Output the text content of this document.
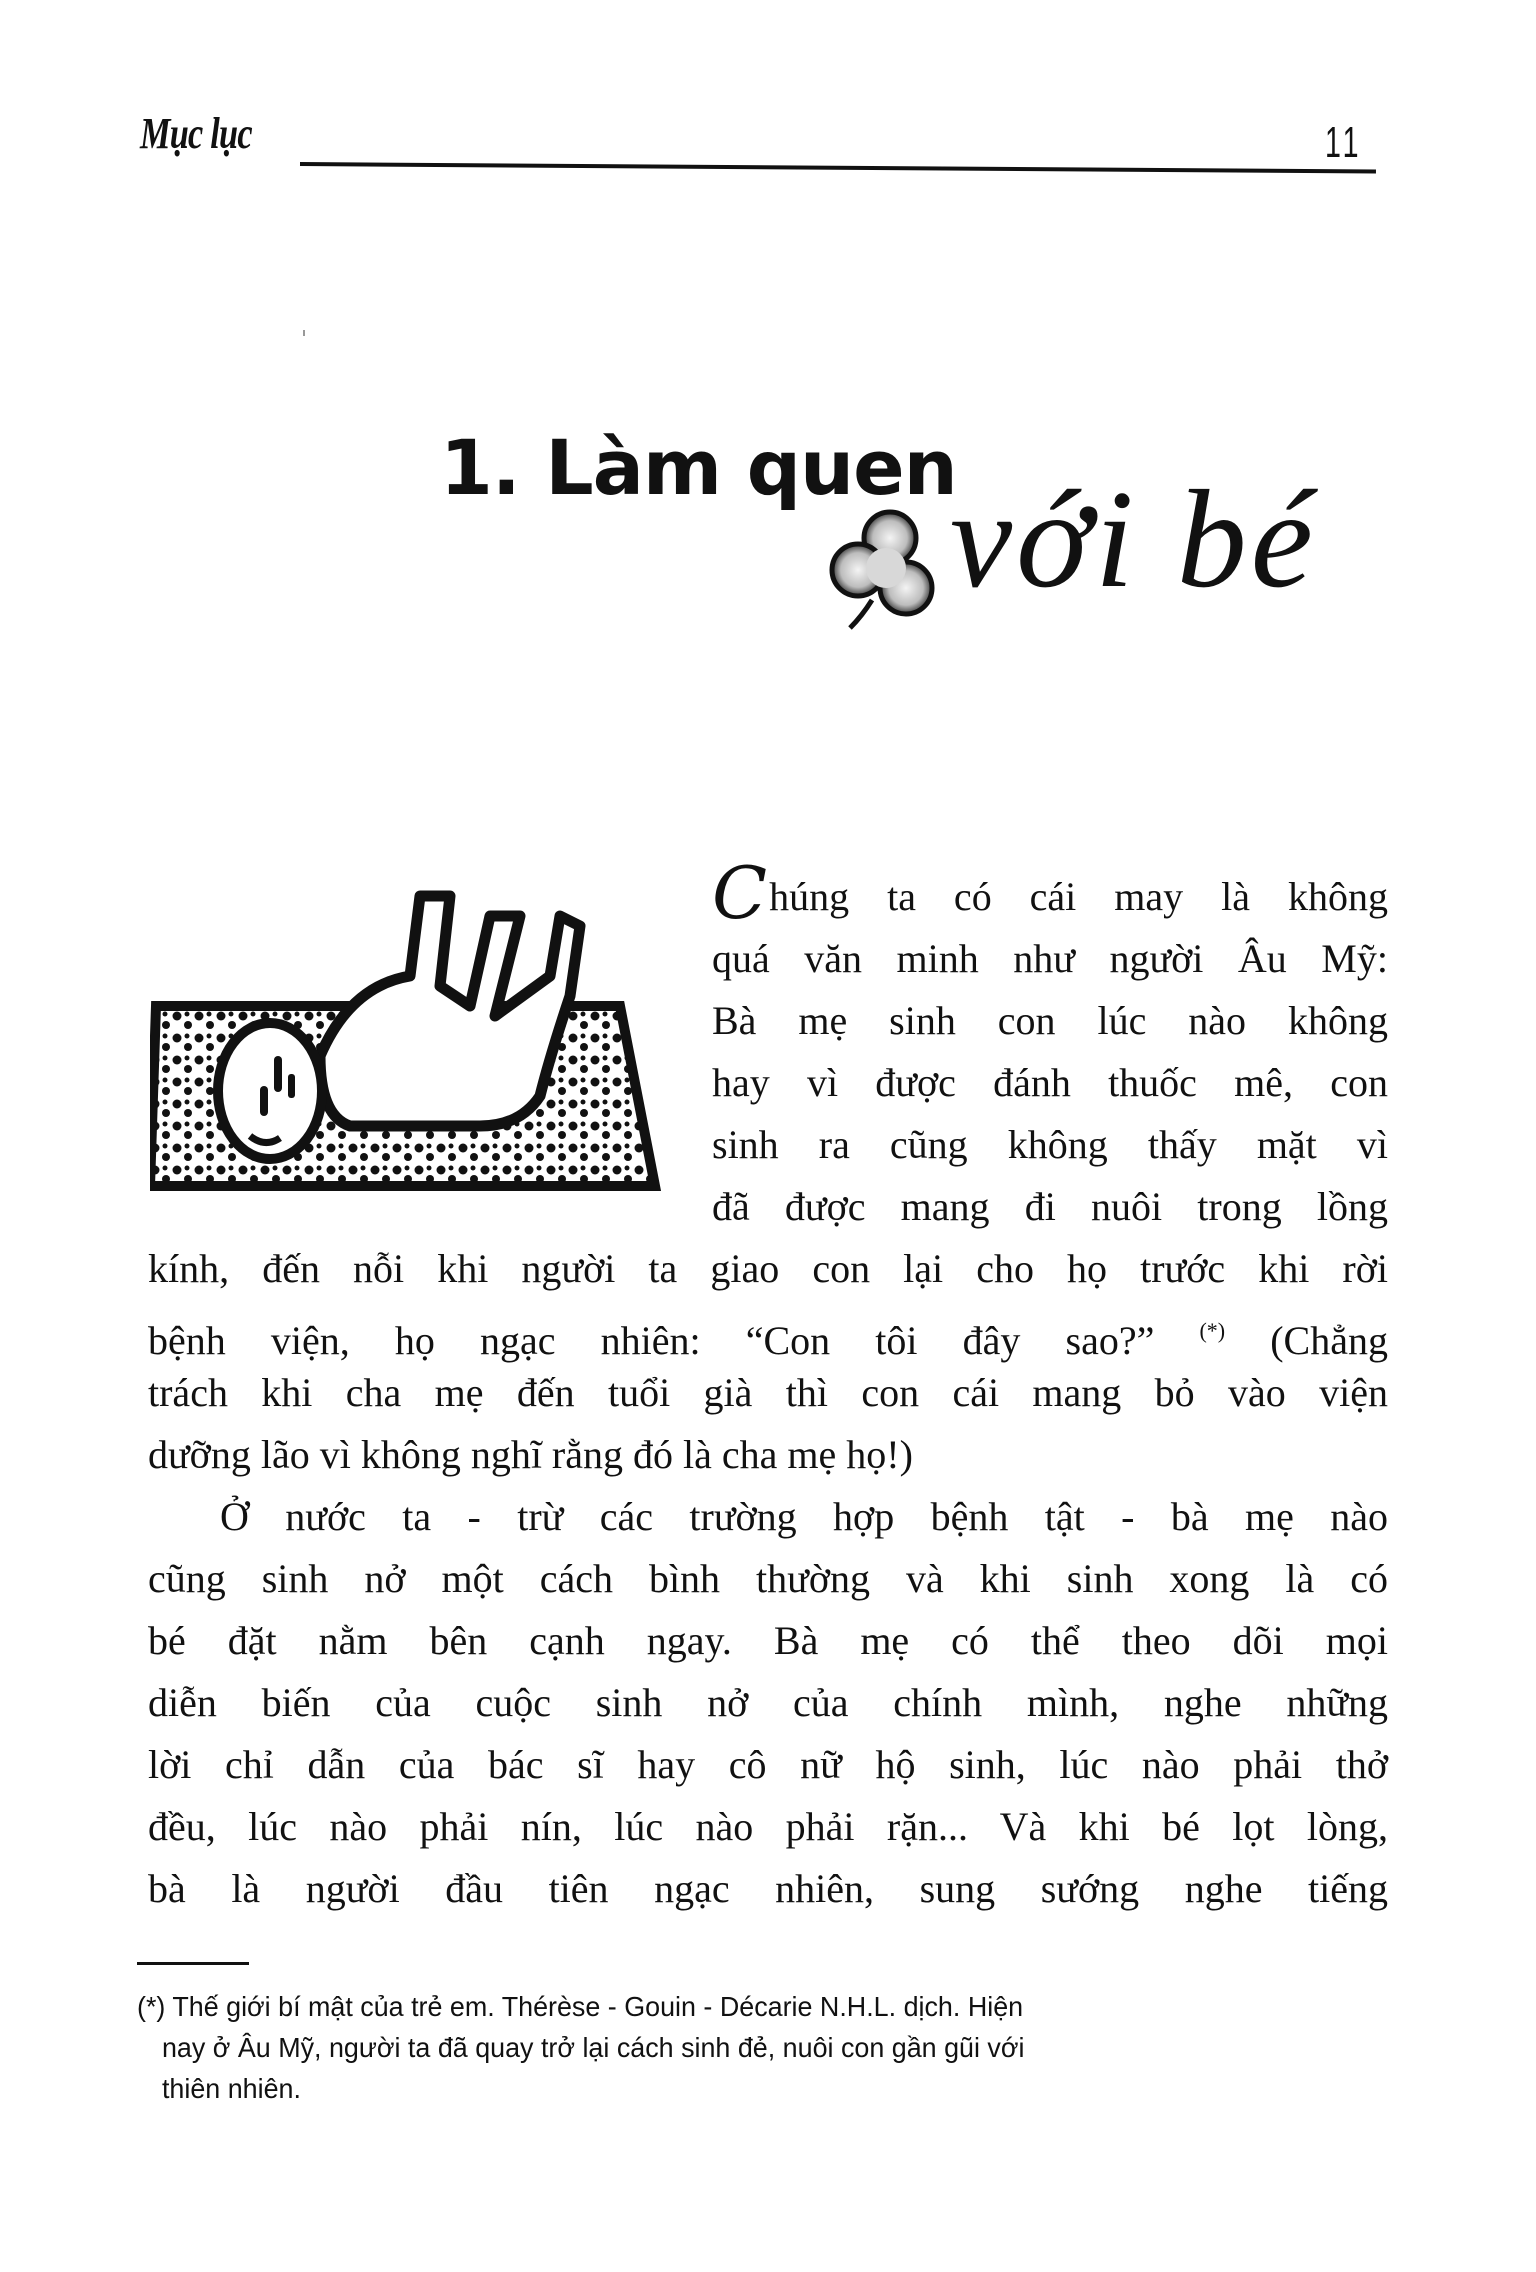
Mục lục	11
1. Làm quen
với bé
Chúng ta có cái may là không
quá văn minh như người Âu Mỹ:
Bà mẹ sinh con lúc nào không
hay vì được đánh thuốc mê, con
sinh ra cũng không thấy mặt vì
đã được mang đi nuôi trong lồng
kính, đến nỗi khi người ta giao con lại cho họ trước khi rời
bệnh viện, họ ngạc nhiên: “Con tôi đây sao?” (*) (Chẳng
trách khi cha mẹ đến tuổi già thì con cái mang bỏ vào viện
dưỡng lão vì không nghĩ rằng đó là cha mẹ họ!)
Ở nước ta - trừ các trường hợp bệnh tật - bà mẹ nào
cũng sinh nở một cách bình thường và khi sinh xong là có
bé đặt nằm bên cạnh ngay. Bà mẹ có thể theo dõi mọi
diễn biến của cuộc sinh nở của chính mình, nghe những
lời chỉ dẫn của bác sĩ hay cô nữ hộ sinh, lúc nào phải thở
đều, lúc nào phải nín, lúc nào phải rặn... Và khi bé lọt lòng,
bà là người đầu tiên ngạc nhiên, sung sướng nghe tiếng
(*) Thế giới bí mật của trẻ em. Thérèse - Gouin - Décarie N.H.L. dịch. Hiện
nay ở Âu Mỹ, người ta đã quay trở lại cách sinh đẻ, nuôi con gần gũi với
thiên nhiên.
